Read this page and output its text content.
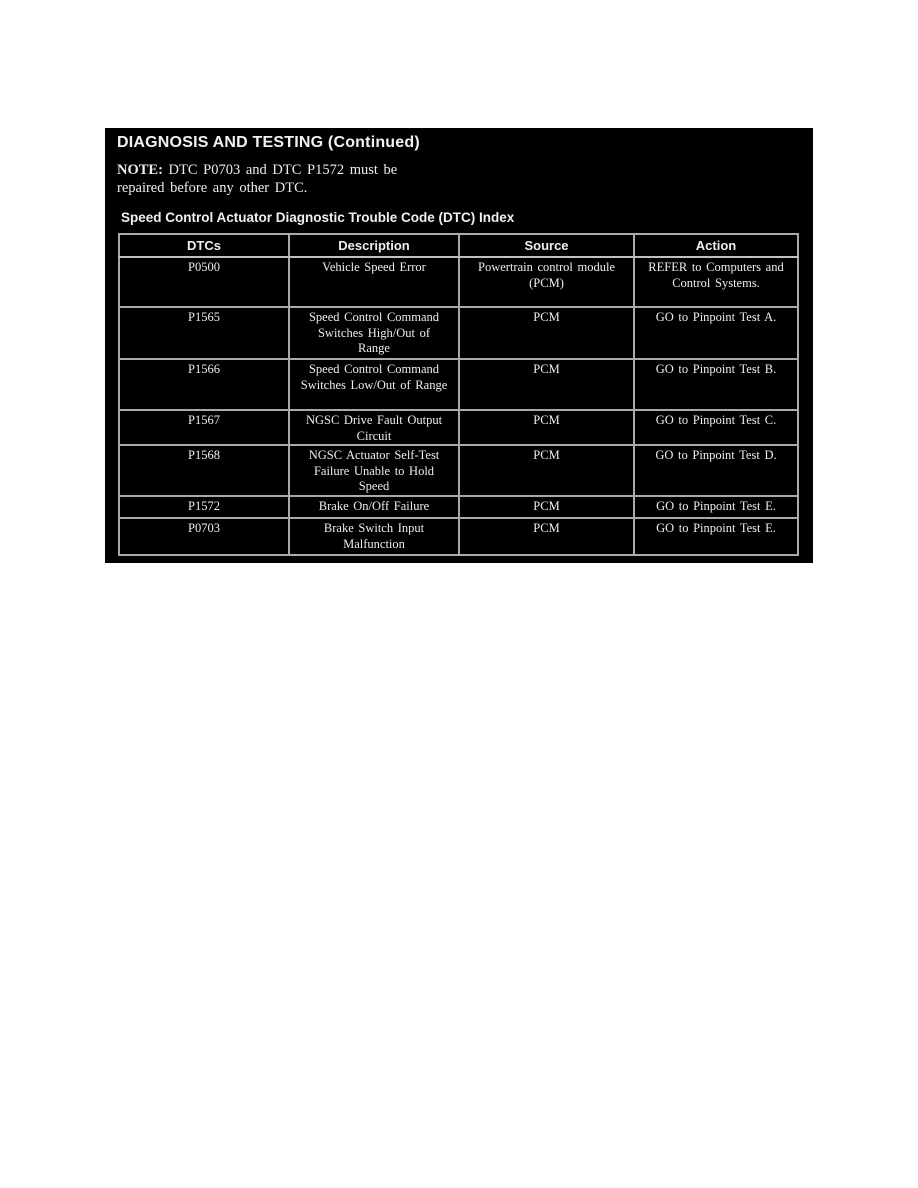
DIAGNOSIS AND TESTING (Continued)

NOTE: DTC P0703 and DTC P1572 must be
repaired before any other DTC.

Speed Control Actuator Diagnostic Trouble Code (DTC) Index
DTCs	Description	Source	Action
P0500	Vehicle Speed Error	Powertrain control module (PCM)	REFER to Computers and Control Systems.
P1565	Speed Control Command Switches High/Out of Range	PCM	GO to Pinpoint Test A.
P1566	Speed Control Command Switches Low/Out of Range	PCM	GO to Pinpoint Test B.
P1567	NGSC Drive Fault Output Circuit	PCM	GO to Pinpoint Test C.
P1568	NGSC Actuator Self-Test Failure Unable to Hold Speed	PCM	GO to Pinpoint Test D.
P1572	Brake On/Off Failure	PCM	GO to Pinpoint Test E.
P0703	Brake Switch Input Malfunction	PCM	GO to Pinpoint Test E.
